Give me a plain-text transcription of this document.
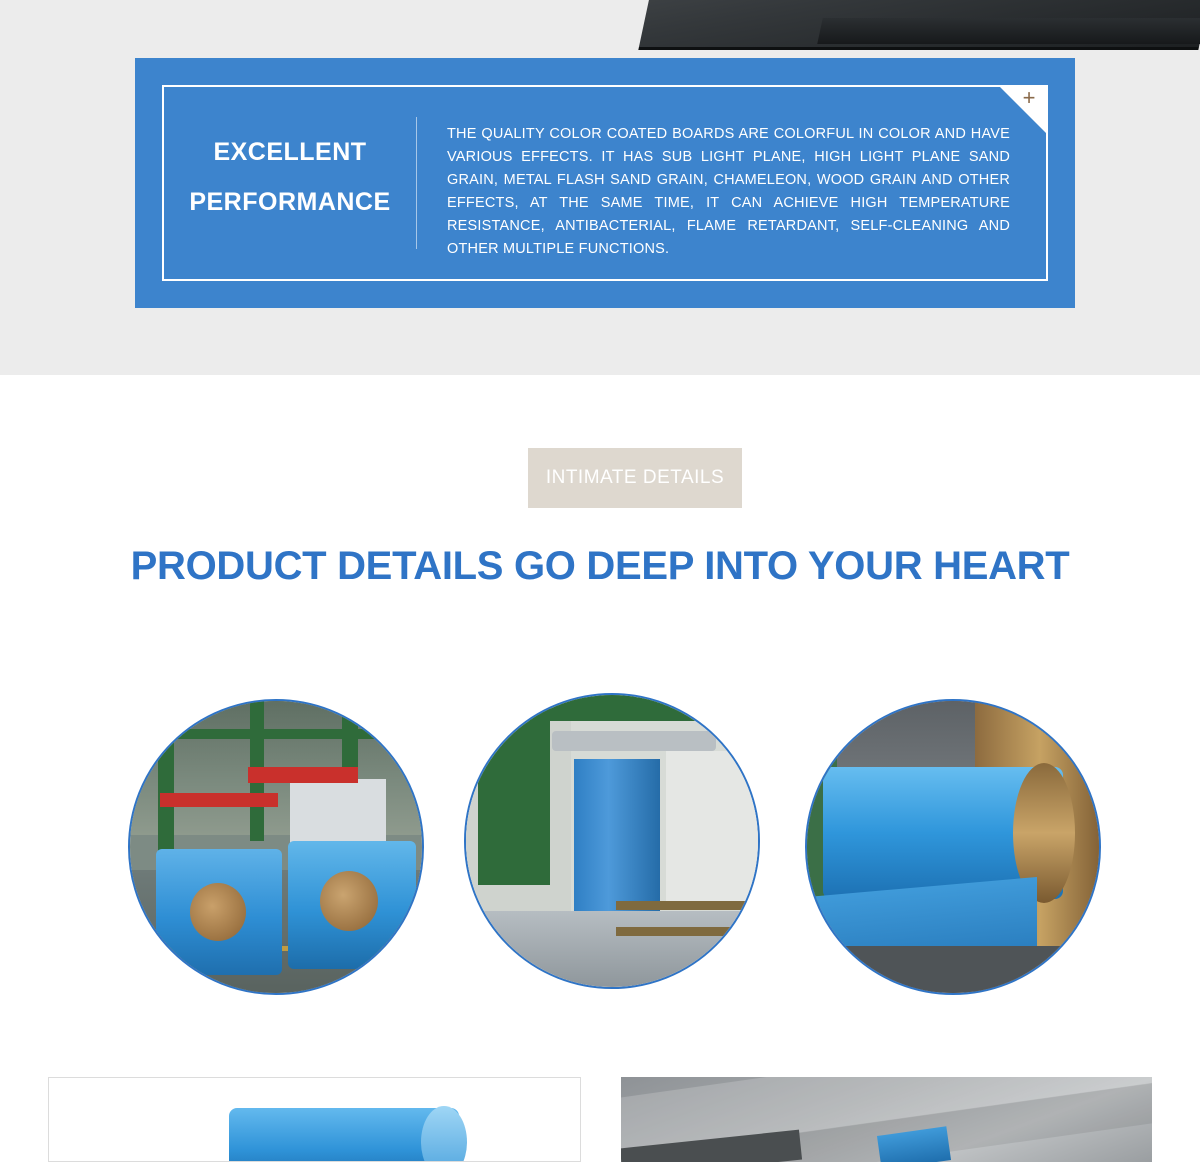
EXCELLENT
PERFORMANCE
THE QUALITY COLOR COATED BOARDS ARE COLORFUL IN COLOR AND HAVE VARIOUS EFFECTS. IT HAS SUB LIGHT PLANE, HIGH LIGHT PLANE SAND GRAIN, METAL FLASH SAND GRAIN, CHAMELEON, WOOD GRAIN AND OTHER EFFECTS, AT THE SAME TIME, IT CAN ACHIEVE HIGH TEMPERATURE RESISTANCE, ANTIBACTERIAL, FLAME RETARDANT, SELF-CLEANING AND OTHER MULTIPLE FUNCTIONS.
+
INTIMATE DETAILS
PRODUCT DETAILS GO DEEP INTO YOUR HEART
